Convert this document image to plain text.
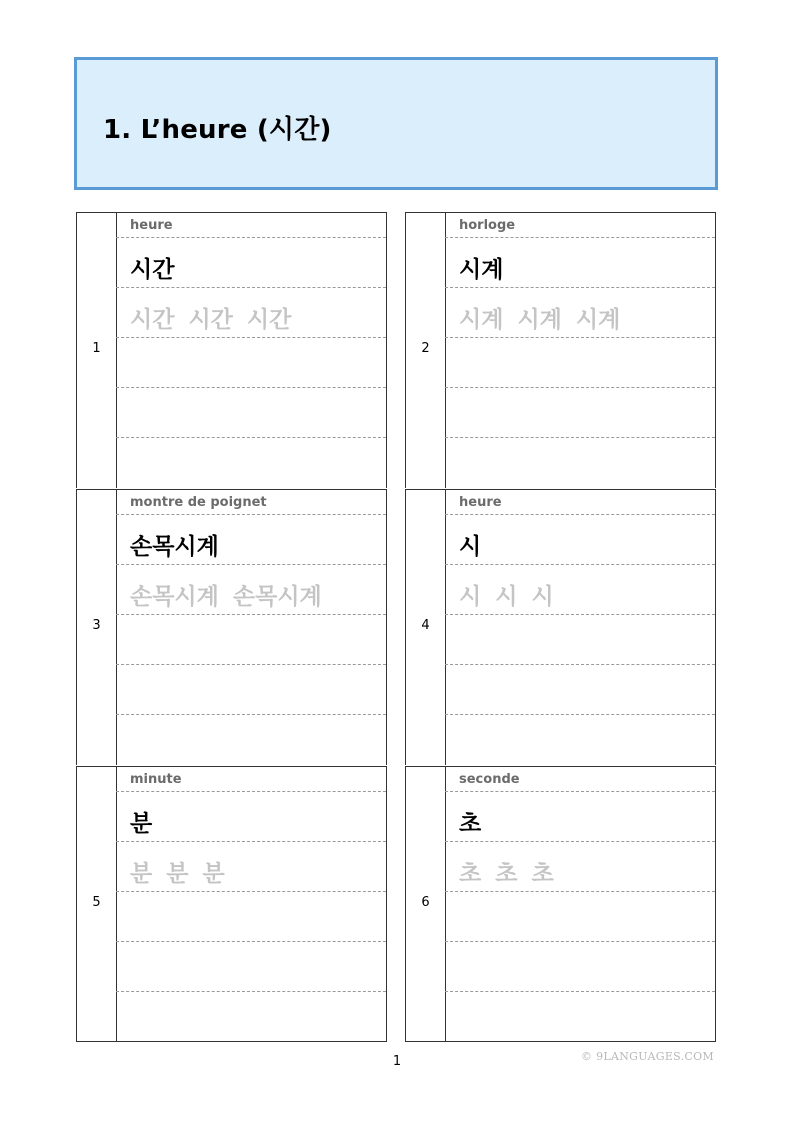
1. L’heure (시간)
1
heure
시간
시간 시간 시간
2
horloge
시계
시계 시계 시계
3
montre de poignet
손목시계
손목시계 손목시계
4
heure
시
시 시 시
5
minute
분
분 분 분
6
seconde
초
초 초 초
1	© 9LANGUAGES.COM
